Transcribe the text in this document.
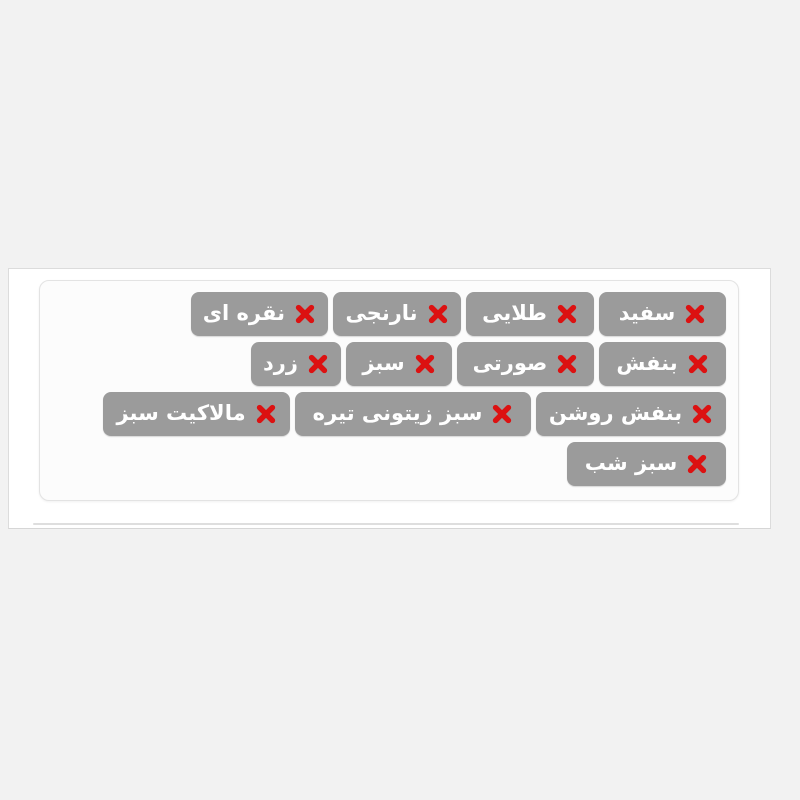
سفید
طلایی
نارنجی
نقره ای
بنفش
صورتی
سبز
زرد
بنفش روشن
سبز زیتونی تیره
مالاکیت سبز
سبز شب
